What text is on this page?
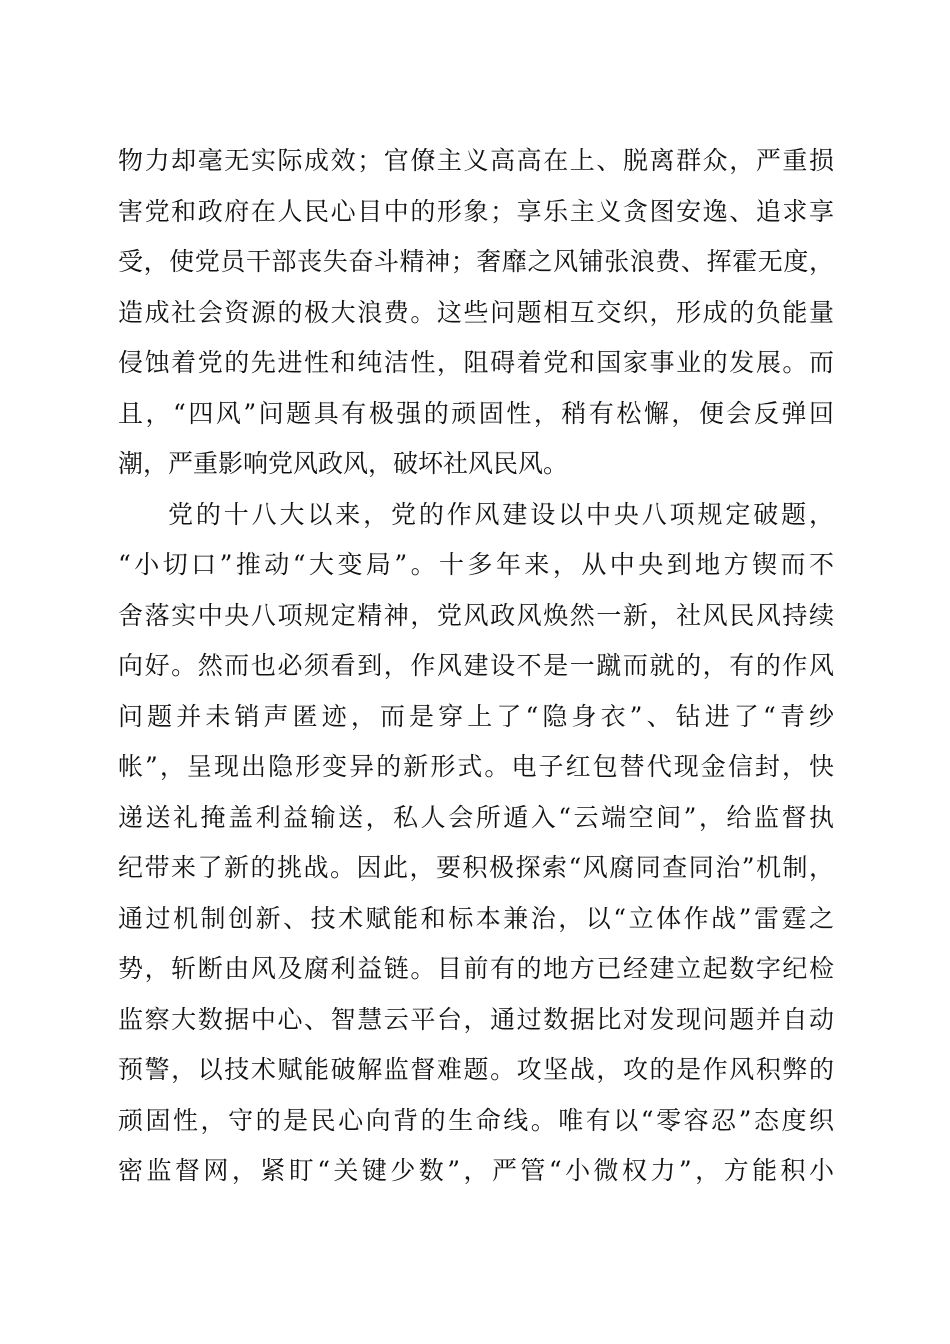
物力却毫无实际成效；官僚主义高高在上、脱离群众，严重损
害党和政府在人民心目中的形象；享乐主义贪图安逸、追求享
受，使党员干部丧失奋斗精神；奢靡之风铺张浪费、挥霍无度，
造成社会资源的极大浪费。这些问题相互交织，形成的负能量
侵蚀着党的先进性和纯洁性，阻碍着党和国家事业的发展。而
且，“四风”问题具有极强的顽固性，稍有松懈，便会反弹回
潮，严重影响党风政风，破坏社风民风。
党的十八大以来，党的作风建设以中央八项规定破题，
“小切口”推动“大变局”。十多年来，从中央到地方锲而不
舍落实中央八项规定精神，党风政风焕然一新，社风民风持续
向好。然而也必须看到，作风建设不是一蹴而就的，有的作风
问题并未销声匿迹，而是穿上了“隐身衣”、钻进了“青纱
帐”，呈现出隐形变异的新形式。电子红包替代现金信封，快
递送礼掩盖利益输送，私人会所遁入“云端空间”，给监督执
纪带来了新的挑战。因此，要积极探索“风腐同查同治”机制，
通过机制创新、技术赋能和标本兼治，以“立体作战”雷霆之
势，斩断由风及腐利益链。目前有的地方已经建立起数字纪检
监察大数据中心、智慧云平台，通过数据比对发现问题并自动
预警，以技术赋能破解监督难题。攻坚战，攻的是作风积弊的
顽固性，守的是民心向背的生命线。唯有以“零容忍”态度织
密监督网，紧盯“关键少数”，严管“小微权力”，方能积小
